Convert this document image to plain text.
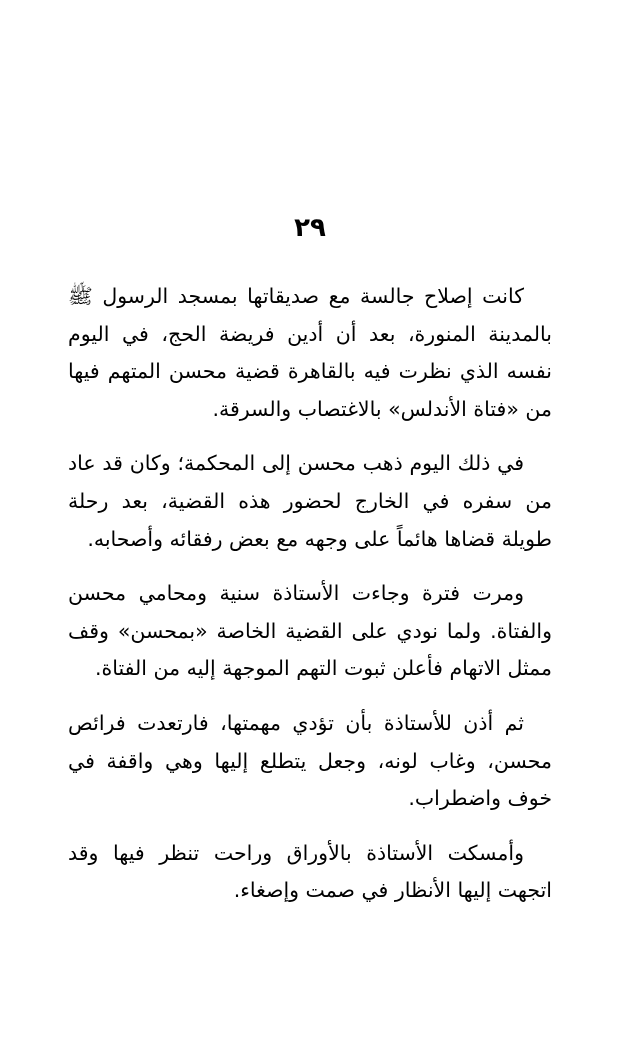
٢٩

كانت إصلاح جالسة مع صديقاتها بمسجد الرسول ﷺ بالمدينة المنورة، بعد أن أدين فريضة الحج، في اليوم نفسه الذي نظرت فيه بالقاهرة قضية محسن المتهم فيها من «فتاة الأندلس» بالاغتصاب والسرقة.

في ذلك اليوم ذهب محسن إلى المحكمة؛ وكان قد عاد من سفره في الخارج لحضور هذه القضية، بعد رحلة طويلة قضاها هائماً على وجهه مع بعض رفقائه وأصحابه.

ومرت فترة وجاءت الأستاذة سنية ومحامي محسن والفتاة. ولما نودي على القضية الخاصة «بمحسن» وقف ممثل الاتهام فأعلن ثبوت التهم الموجهة إليه من الفتاة.

ثم أذن للأستاذة بأن تؤدي مهمتها، فارتعدت فرائص محسن، وغاب لونه، وجعل يتطلع إليها وهي واقفة في خوف واضطراب.

وأمسكت الأستاذة بالأوراق وراحت تنظر فيها وقد اتجهت إليها الأنظار في صمت وإصغاء.
